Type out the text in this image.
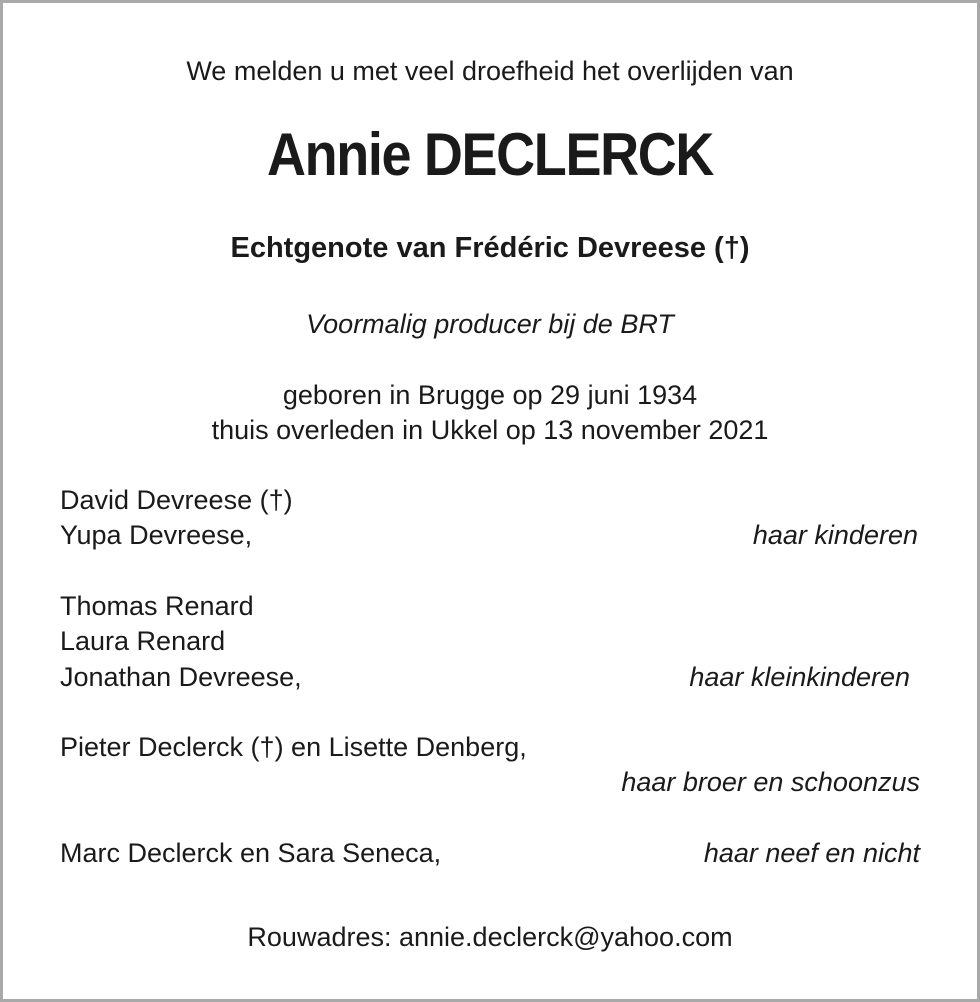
We melden u met veel droefheid het overlijden van
Annie DECLERCK
Echtgenote van Frédéric Devreese (†)
Voormalig producer bij de BRT
geboren in Brugge op 29 juni 1934
thuis overleden in Ukkel op 13 november 2021
David Devreese (†)
Yupa Devreese,	haar kinderen
Thomas Renard
Laura Renard
Jonathan Devreese,	haar kleinkinderen
Pieter Declerck (†) en Lisette Denberg,
haar broer en schoonzus
Marc Declerck en Sara Seneca,	haar neef en nicht
Rouwadres: annie.declerck@yahoo.com
